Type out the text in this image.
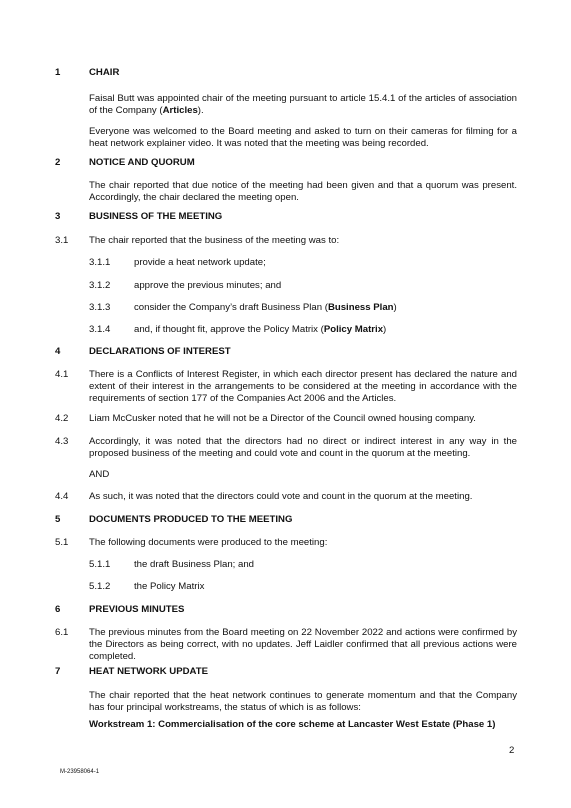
1	CHAIR
Faisal Butt was appointed chair of the meeting pursuant to article 15.4.1 of the articles of association of the Company (Articles).
Everyone was welcomed to the Board meeting and asked to turn on their cameras for filming for a heat network explainer video. It was noted that the meeting was being recorded.
2	NOTICE AND QUORUM
The chair reported that due notice of the meeting had been given and that a quorum was present. Accordingly, the chair declared the meeting open.
3	BUSINESS OF THE MEETING
3.1 The chair reported that the business of the meeting was to:
3.1.1 provide a heat network update;
3.1.2 approve the previous minutes; and
3.1.3 consider the Company’s draft Business Plan (Business Plan)
3.1.4 and, if thought fit, approve the Policy Matrix (Policy Matrix)
4	DECLARATIONS OF INTEREST
4.1 There is a Conflicts of Interest Register, in which each director present has declared the nature and extent of their interest in the arrangements to be considered at the meeting in accordance with the requirements of section 177 of the Companies Act 2006 and the Articles.
4.2 Liam McCusker noted that he will not be a Director of the Council owned housing company.
4.3 Accordingly, it was noted that the directors had no direct or indirect interest in any way in the proposed business of the meeting and could vote and count in the quorum at the meeting.
AND
4.4 As such, it was noted that the directors could vote and count in the quorum at the meeting.
5	DOCUMENTS PRODUCED TO THE MEETING
5.1 The following documents were produced to the meeting:
5.1.1 the draft Business Plan; and
5.1.2 the Policy Matrix
6	PREVIOUS MINUTES
6.1 The previous minutes from the Board meeting on 22 November 2022 and actions were confirmed by the Directors as being correct, with no updates. Jeff Laidler confirmed that all previous actions were completed.
7	HEAT NETWORK UPDATE
The chair reported that the heat network continues to generate momentum and that the Company has four principal workstreams, the status of which is as follows:
Workstream 1: Commercialisation of the core scheme at Lancaster West Estate (Phase 1)
2
M-23958064-1
